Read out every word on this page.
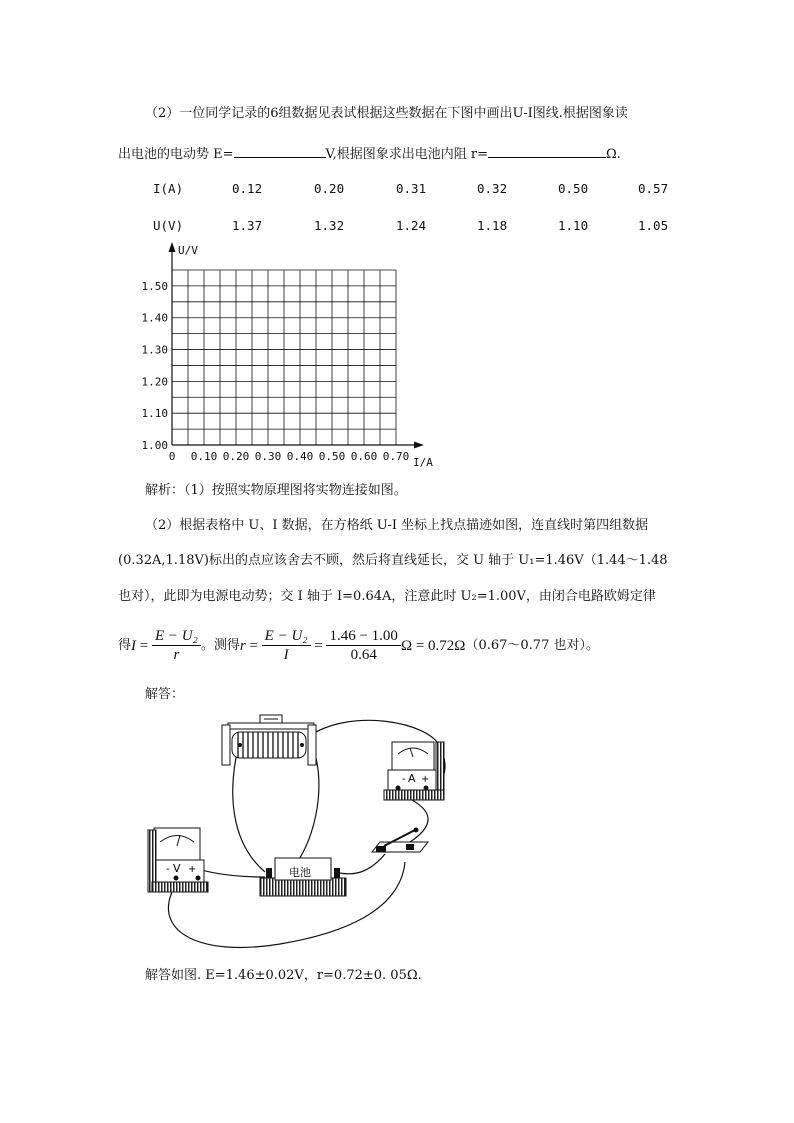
（2）一位同学记录的6组数据见表试根据这些数据在下图中画出U-I图线.根据图象读
出电池的电动势 E=	V,根据图象求出电池内阻 r=	Ω.
I(A)	0.12	0.20	0.31	0.32	0.50	0.57
U(V)	1.37	1.32	1.24	1.18	1.10	1.05
1.00
1.10
1.20
1.30
1.40
1.50
0 0.10 0.20 0.30 0.40 0.50 0.60 0.70
U/V
I/A
解析：（1）按照实物原理图将实物连接如图。
（2）根据表格中 U、I 数据，在方格纸 U-I 坐标上找点描迹如图，连直线时第四组数据
(0.32A,1.18V)标出的点应该舍去不顾，然后将直线延长，交 U 轴于 U₁=1.46V（1.44～1.48
也对），此即为电源电动势；交 I 轴于 I=0.64A，注意此时 U₂=1.00V，由闭合电路欧姆定律
得 $I = \frac{\text{E − U₂}}{r}$ 。测得 $r = \frac{\text{E − U₂}}{I} = \frac{1.46 - 1.00}{0.64}$ Ω = 0.72Ω （0.67～0.77 也对）。
解答：
- A +
- V +	电池
解答如图. E=1.46±0.02V，r=0.72±0. 05Ω.
